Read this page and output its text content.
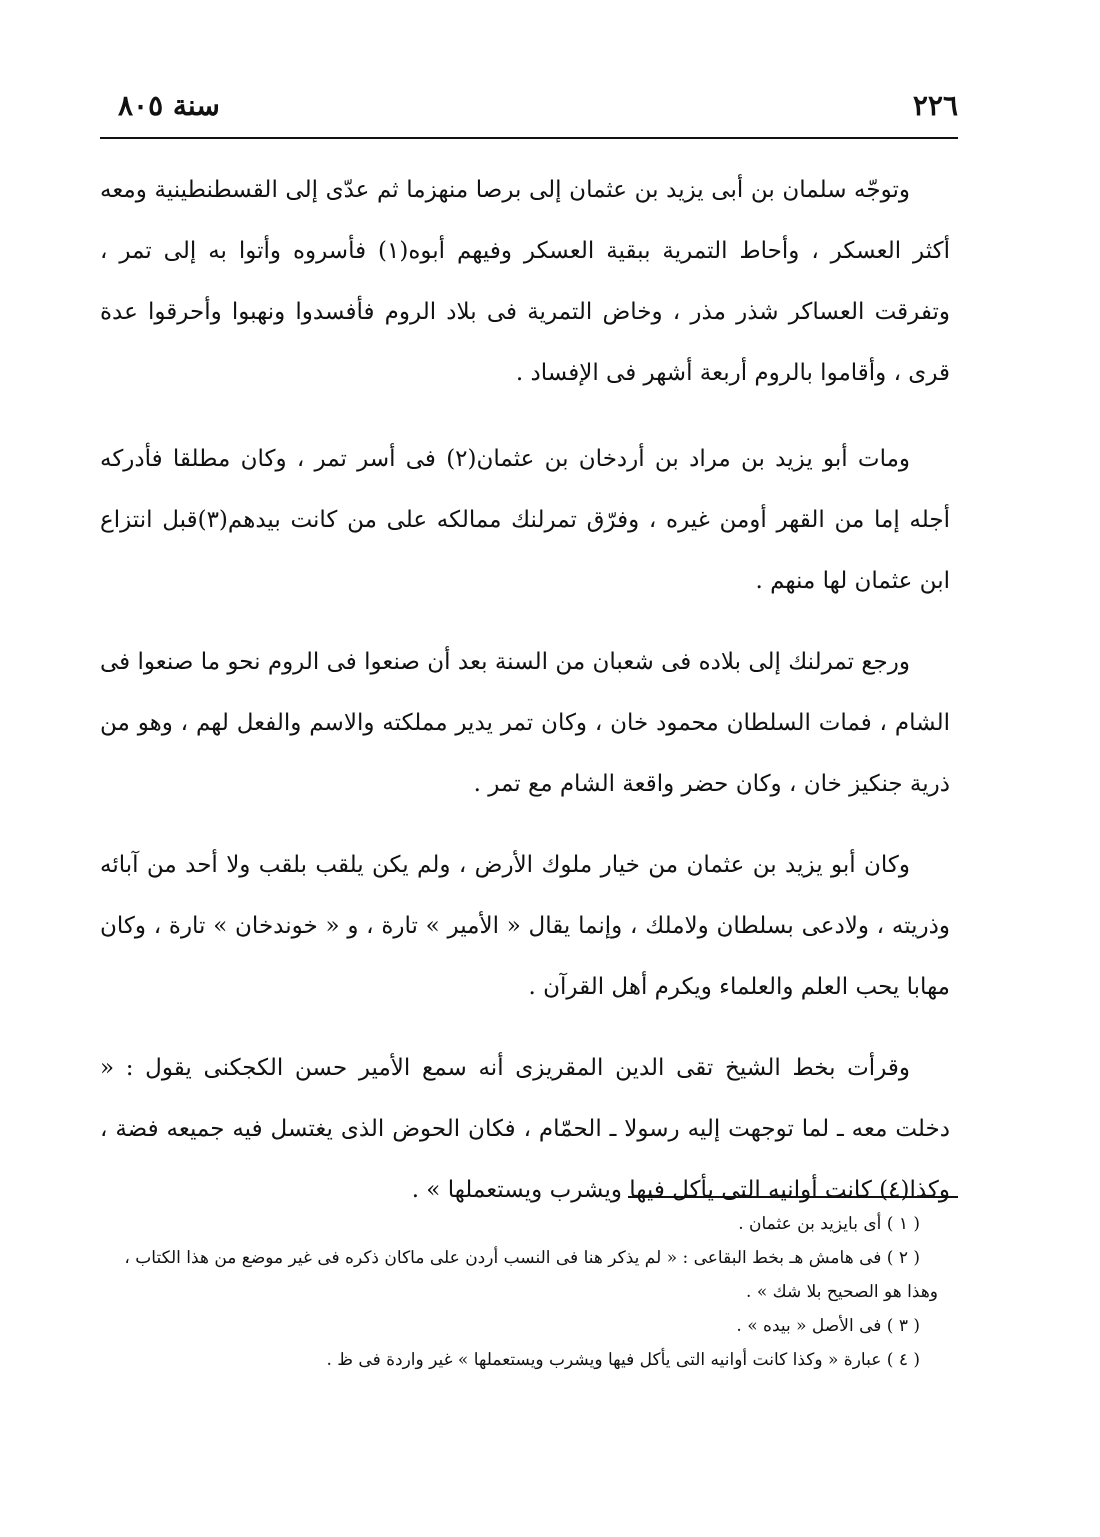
٢٢٦
سنة ٨٠٥

وتوجّه سلمان بن أبى يزيد بن عثمان إلى برصا منهزما ثم عدّى إلى القسطنطينية ومعه أكثر العسكر ، وأحاط التمرية ببقية العسكر وفيهم أبوه(١) فأسروه وأتوا به إلى تمر ، وتفرقت العساكر شذر مذر ، وخاض التمرية فى بلاد الروم فأفسدوا ونهبوا وأحرقوا عدة قرى ، وأقاموا بالروم أربعة أشهر فى الإفساد .

ومات أبو يزيد بن مراد بن أردخان بن عثمان(٢) فى أسر تمر ، وكان مطلقا فأدركه أجله إما من القهر أومن غيره ، وفرّق تمرلنك ممالكه على من كانت بيدهم(٣)قبل انتزاع ابن عثمان لها منهم .

ورجع تمرلنك إلى بلاده فى شعبان من السنة بعد أن صنعوا فى الروم نحو ما صنعوا فى الشام ، فمات السلطان محمود خان ، وكان تمر يدير مملكته والاسم والفعل لهم ، وهو من ذرية جنكيز خان ، وكان حضر واقعة الشام مع تمر .

وكان أبو يزيد بن عثمان من خيار ملوك الأرض ، ولم يكن يلقب بلقب ولا أحد من آبائه وذريته ، ولادعى بسلطان ولاملك ، وإنما يقال « الأمير » تارة ، و « خوندخان » تارة ، وكان مهابا يحب العلم والعلماء ويكرم أهل القرآن .

وقرأت بخط الشيخ تقى الدين المقريزى أنه سمع الأمير حسن الكجكنى يقول : « دخلت معه ـ لما توجهت إليه رسولا ـ الحمّام ، فكان الحوض الذى يغتسل فيه جميعه فضة ، وكذا(٤) كانت أوانيه التى يأكل فيها ويشرب ويستعملها » .

( ١ ) أى بايزيد بن عثمان .

( ٢ ) فى هامش هـ بخط البقاعى : « لم يذكر هنا فى النسب أردن على ماكان ذكره فى غير موضع من هذا الكتاب ،

وهذا هو الصحيح بلا شك » .

( ٣ ) فى الأصل « بيده » .

( ٤ ) عبارة « وكذا كانت أوانيه التى يأكل فيها ويشرب ويستعملها » غير واردة فى ظ .
